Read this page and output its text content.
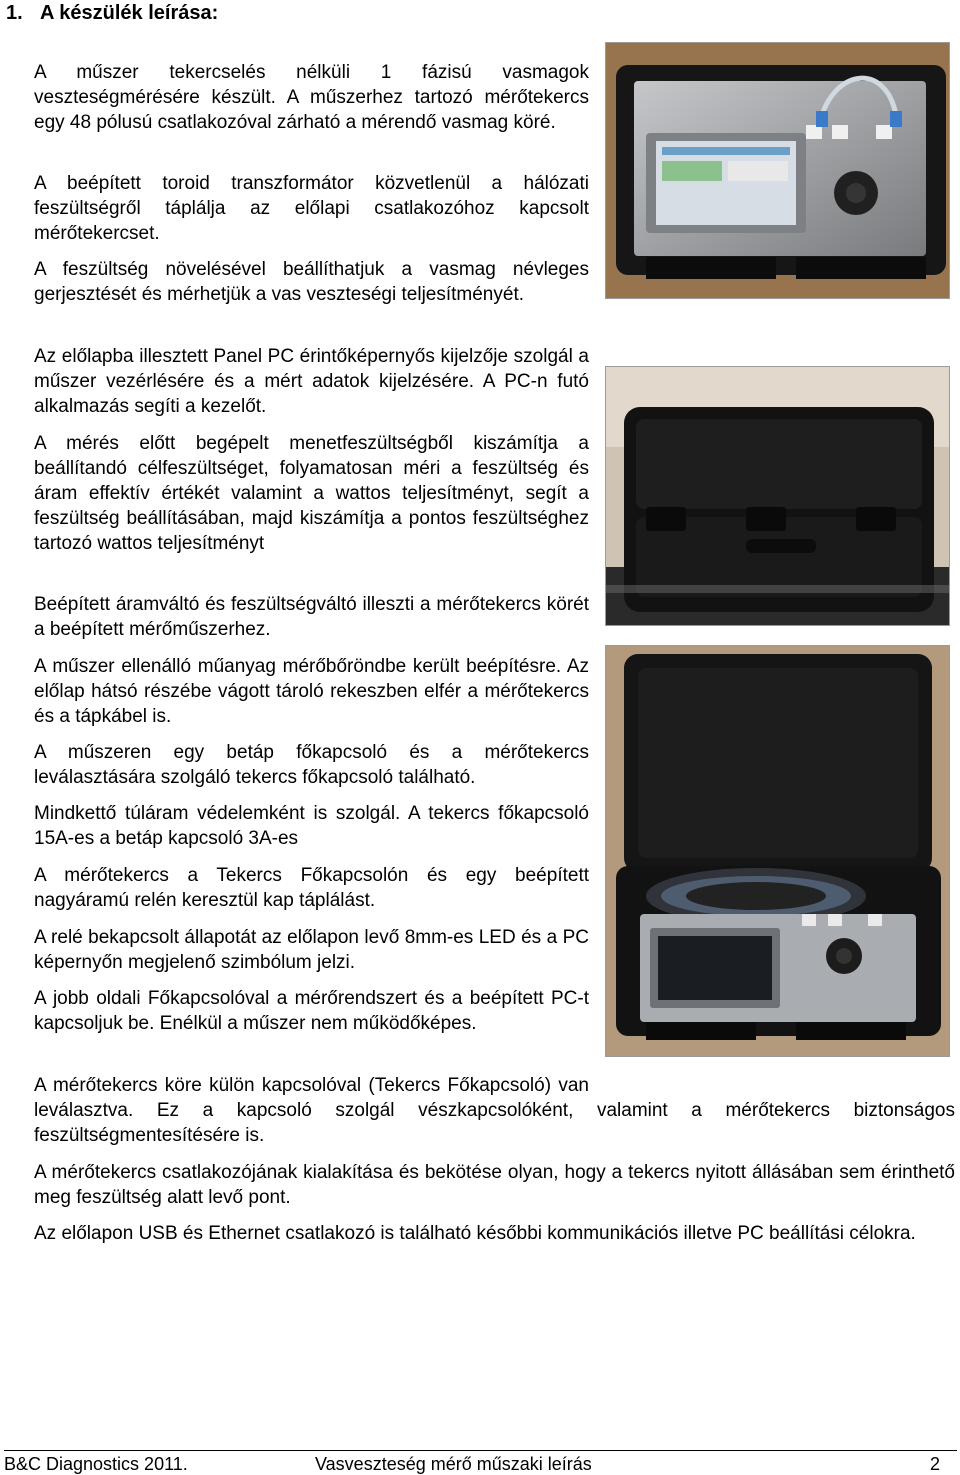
1. A készülék leírása:

A műszer tekercselés nélküli 1 fázisú vasmagok veszteségmérésére készült. A műszerhez tartozó mérőtekercs egy 48 pólusú csatlakozóval zárható a mérendő vasmag köré.

A beépített toroid transzformátor közvetlenül a hálózati feszültségről táplálja az előlapi csatlakozóhoz kapcsolt mérőtekercset.

A feszültség növelésével beállíthatjuk a vasmag névleges gerjesztését és mérhetjük a vas veszteségi teljesítményét.

Az előlapba illesztett Panel PC érintőképernyős kijelzője szolgál a műszer vezérlésére és a mért adatok kijelzésére. A PC-n futó alkalmazás segíti a kezelőt.

A mérés előtt begépelt menetfeszültségből kiszámítja a beállítandó célfeszültséget, folyamatosan méri a feszültség és áram effektív értékét valamint a wattos teljesítményt, segít a feszültség beállításában, majd kiszámítja a pontos feszültséghez tartozó wattos teljesítményt

Beépített áramváltó és feszültségváltó illeszti a mérőtekercs körét a beépített mérőműszerhez.

A műszer ellenálló műanyag mérőbőröndbe került beépítésre. Az előlap hátsó részébe vágott tároló rekeszben elfér a mérőtekercs és a tápkábel is.

A műszeren egy betáp főkapcsoló és a mérőtekercs leválasztására szolgáló tekercs főkapcsoló található.

Mindkettő túláram védelemként is szolgál. A tekercs főkapcsoló 15A-es a betáp kapcsoló 3A-es

A mérőtekercs a Tekercs Főkapcsolón és egy beépített nagyáramú relén keresztül kap táplálást.

A relé bekapcsolt állapotát az előlapon levő 8mm-es LED és a PC képernyőn megjelenő szimbólum jelzi.

A jobb oldali Főkapcsolóval a mérőrendszert és a beépített PC-t kapcsoljuk be. Enélkül a műszer nem működőképes.

A mérőtekercs köre külön kapcsolóval (Tekercs Főkapcsoló) van leválasztva. Ez a kapcsoló szolgál vészkapcsolóként, valamint a mérőtekercs biztonságos feszültségmentesítésére is.

A mérőtekercs csatlakozójának kialakítása és bekötése olyan, hogy a tekercs nyitott állásában sem érinthető meg feszültség alatt levő pont.

Az előlapon USB és Ethernet csatlakozó is található későbbi kommunikációs illetve PC beállítási célokra.

B&C Diagnostics 2011.	Vasveszteség mérő műszaki leírás	2
